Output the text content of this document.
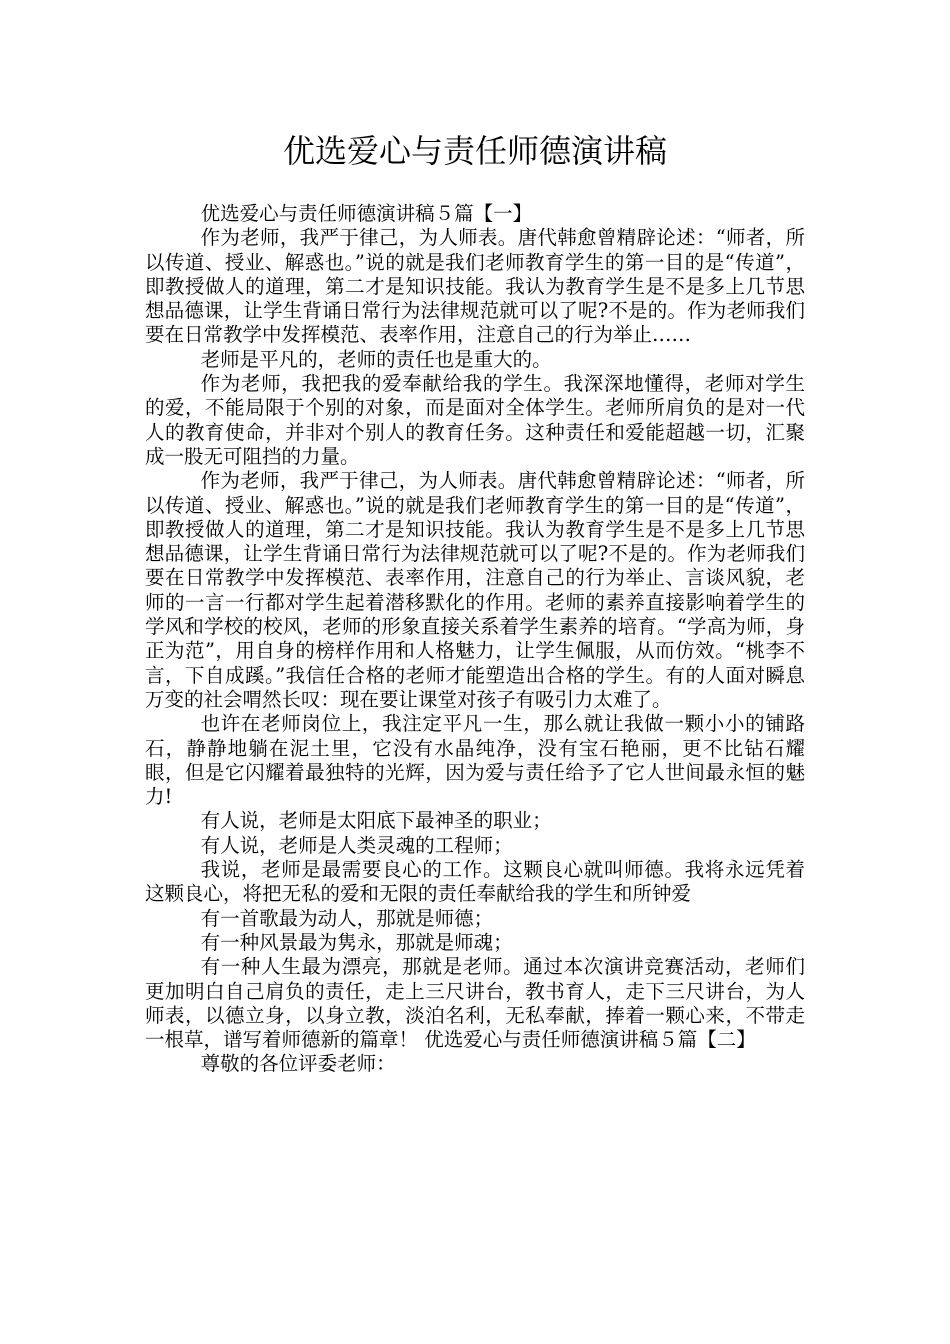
优选爱心与责任师德演讲稿

优选爱心与责任师德演讲稿５篇【一】

作为老师，我严于律己，为人师表。唐代韩愈曾精辟论述：“师者，所以传道、授业、解惑也。”说的就是我们老师教育学生的第一目的是“传道”，即教授做人的道理，第二才是知识技能。我认为教育学生是不是多上几节思想品德课，让学生背诵日常行为法律规范就可以了呢?不是的。作为老师我们要在日常教学中发挥模范、表率作用，注意自己的行为举止……

老师是平凡的，老师的责任也是重大的。

作为老师，我把我的爱奉献给我的学生。我深深地懂得，老师对学生的爱，不能局限于个别的对象，而是面对全体学生。老师所肩负的是对一代人的教育使命，并非对个别人的教育任务。这种责任和爱能超越一切，汇聚成一股无可阻挡的力量。

作为老师，我严于律己，为人师表。唐代韩愈曾精辟论述：“师者，所以传道、授业、解惑也。”说的就是我们老师教育学生的第一目的是“传道”，即教授做人的道理，第二才是知识技能。我认为教育学生是不是多上几节思想品德课，让学生背诵日常行为法律规范就可以了呢?不是的。作为老师我们要在日常教学中发挥模范、表率作用，注意自己的行为举止、言谈风貌，老师的一言一行都对学生起着潜移默化的作用。老师的素养直接影响着学生的学风和学校的校风，老师的形象直接关系着学生素养的培育。“学高为师，身正为范”，用自身的榜样作用和人格魅力，让学生佩服，从而仿效。“桃李不言，下自成蹊。”我信任合格的老师才能塑造出合格的学生。有的人面对瞬息万变的社会喟然长叹：现在要让课堂对孩子有吸引力太难了。

也许在老师岗位上，我注定平凡一生，那么就让我做一颗小小的铺路石，静静地躺在泥土里，它没有水晶纯净，没有宝石艳丽，更不比钻石耀眼，但是它闪耀着最独特的光辉，因为爱与责任给予了它人世间最永恒的魅力!

有人说，老师是太阳底下最神圣的职业；

有人说，老师是人类灵魂的工程师；

我说，老师是最需要良心的工作。这颗良心就叫师德。我将永远凭着这颗良心，将把无私的爱和无限的责任奉献给我的学生和所钟爱

有一首歌最为动人，那就是师德；

有一种风景最为隽永，那就是师魂；

有一种人生最为漂亮，那就是老师。通过本次演讲竞赛活动，老师们更加明白自己肩负的责任，走上三尺讲台，教书育人，走下三尺讲台，为人师表，以德立身，以身立教，淡泊名利，无私奉献，捧着一颗心来，不带走一根草，谱写着师德新的篇章！ 优选爱心与责任师德演讲稿５篇【二】

尊敬的各位评委老师：
